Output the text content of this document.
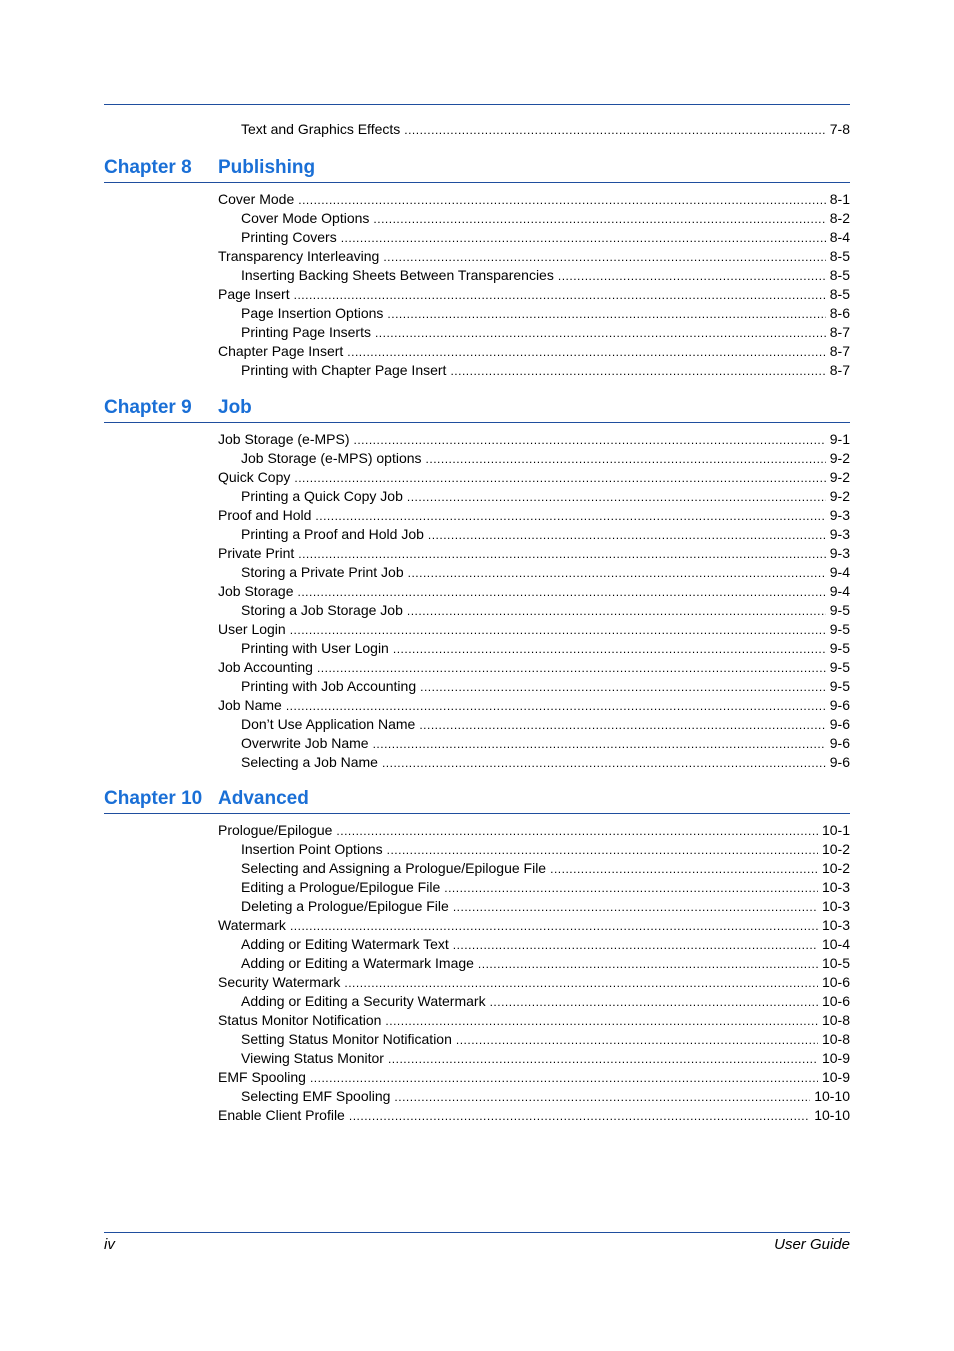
Text and Graphics Effects .....	7-8
Chapter 8 Publishing
Cover Mode .....	8-1
Cover Mode Options .....	8-2
Printing Covers .....	8-4
Transparency Interleaving .....	8-5
Inserting Backing Sheets Between Transparencies .....	8-5
Page Insert .....	8-5
Page Insertion Options .....	8-6
Printing Page Inserts .....	8-7
Chapter Page Insert .....	8-7
Printing with Chapter Page Insert .....	8-7
Chapter 9 Job
Job Storage (e-MPS) .....	9-1
Job Storage (e-MPS) options .....	9-2
Quick Copy .....	9-2
Printing a Quick Copy Job .....	9-2
Proof and Hold .....	9-3
Printing a Proof and Hold Job .....	9-3
Private Print .....	9-3
Storing a Private Print Job .....	9-4
Job Storage .....	9-4
Storing a Job Storage Job .....	9-5
User Login .....	9-5
Printing with User Login .....	9-5
Job Accounting .....	9-5
Printing with Job Accounting .....	9-5
Job Name .....	9-6
Don’t Use Application Name .....	9-6
Overwrite Job Name .....	9-6
Selecting a Job Name .....	9-6
Chapter 10 Advanced
Prologue/Epilogue .....	10-1
Insertion Point Options .....	10-2
Selecting and Assigning a Prologue/Epilogue File .....	10-2
Editing a Prologue/Epilogue File .....	10-3
Deleting a Prologue/Epilogue File .....	10-3
Watermark .....	10-3
Adding or Editing Watermark Text .....	10-4
Adding or Editing a Watermark Image .....	10-5
Security Watermark .....	10-6
Adding or Editing a Security Watermark .....	10-6
Status Monitor Notification .....	10-8
Setting Status Monitor Notification .....	10-8
Viewing Status Monitor .....	10-9
EMF Spooling .....	10-9
Selecting EMF Spooling .....	10-10
Enable Client Profile .....	10-10
iv	User Guide
